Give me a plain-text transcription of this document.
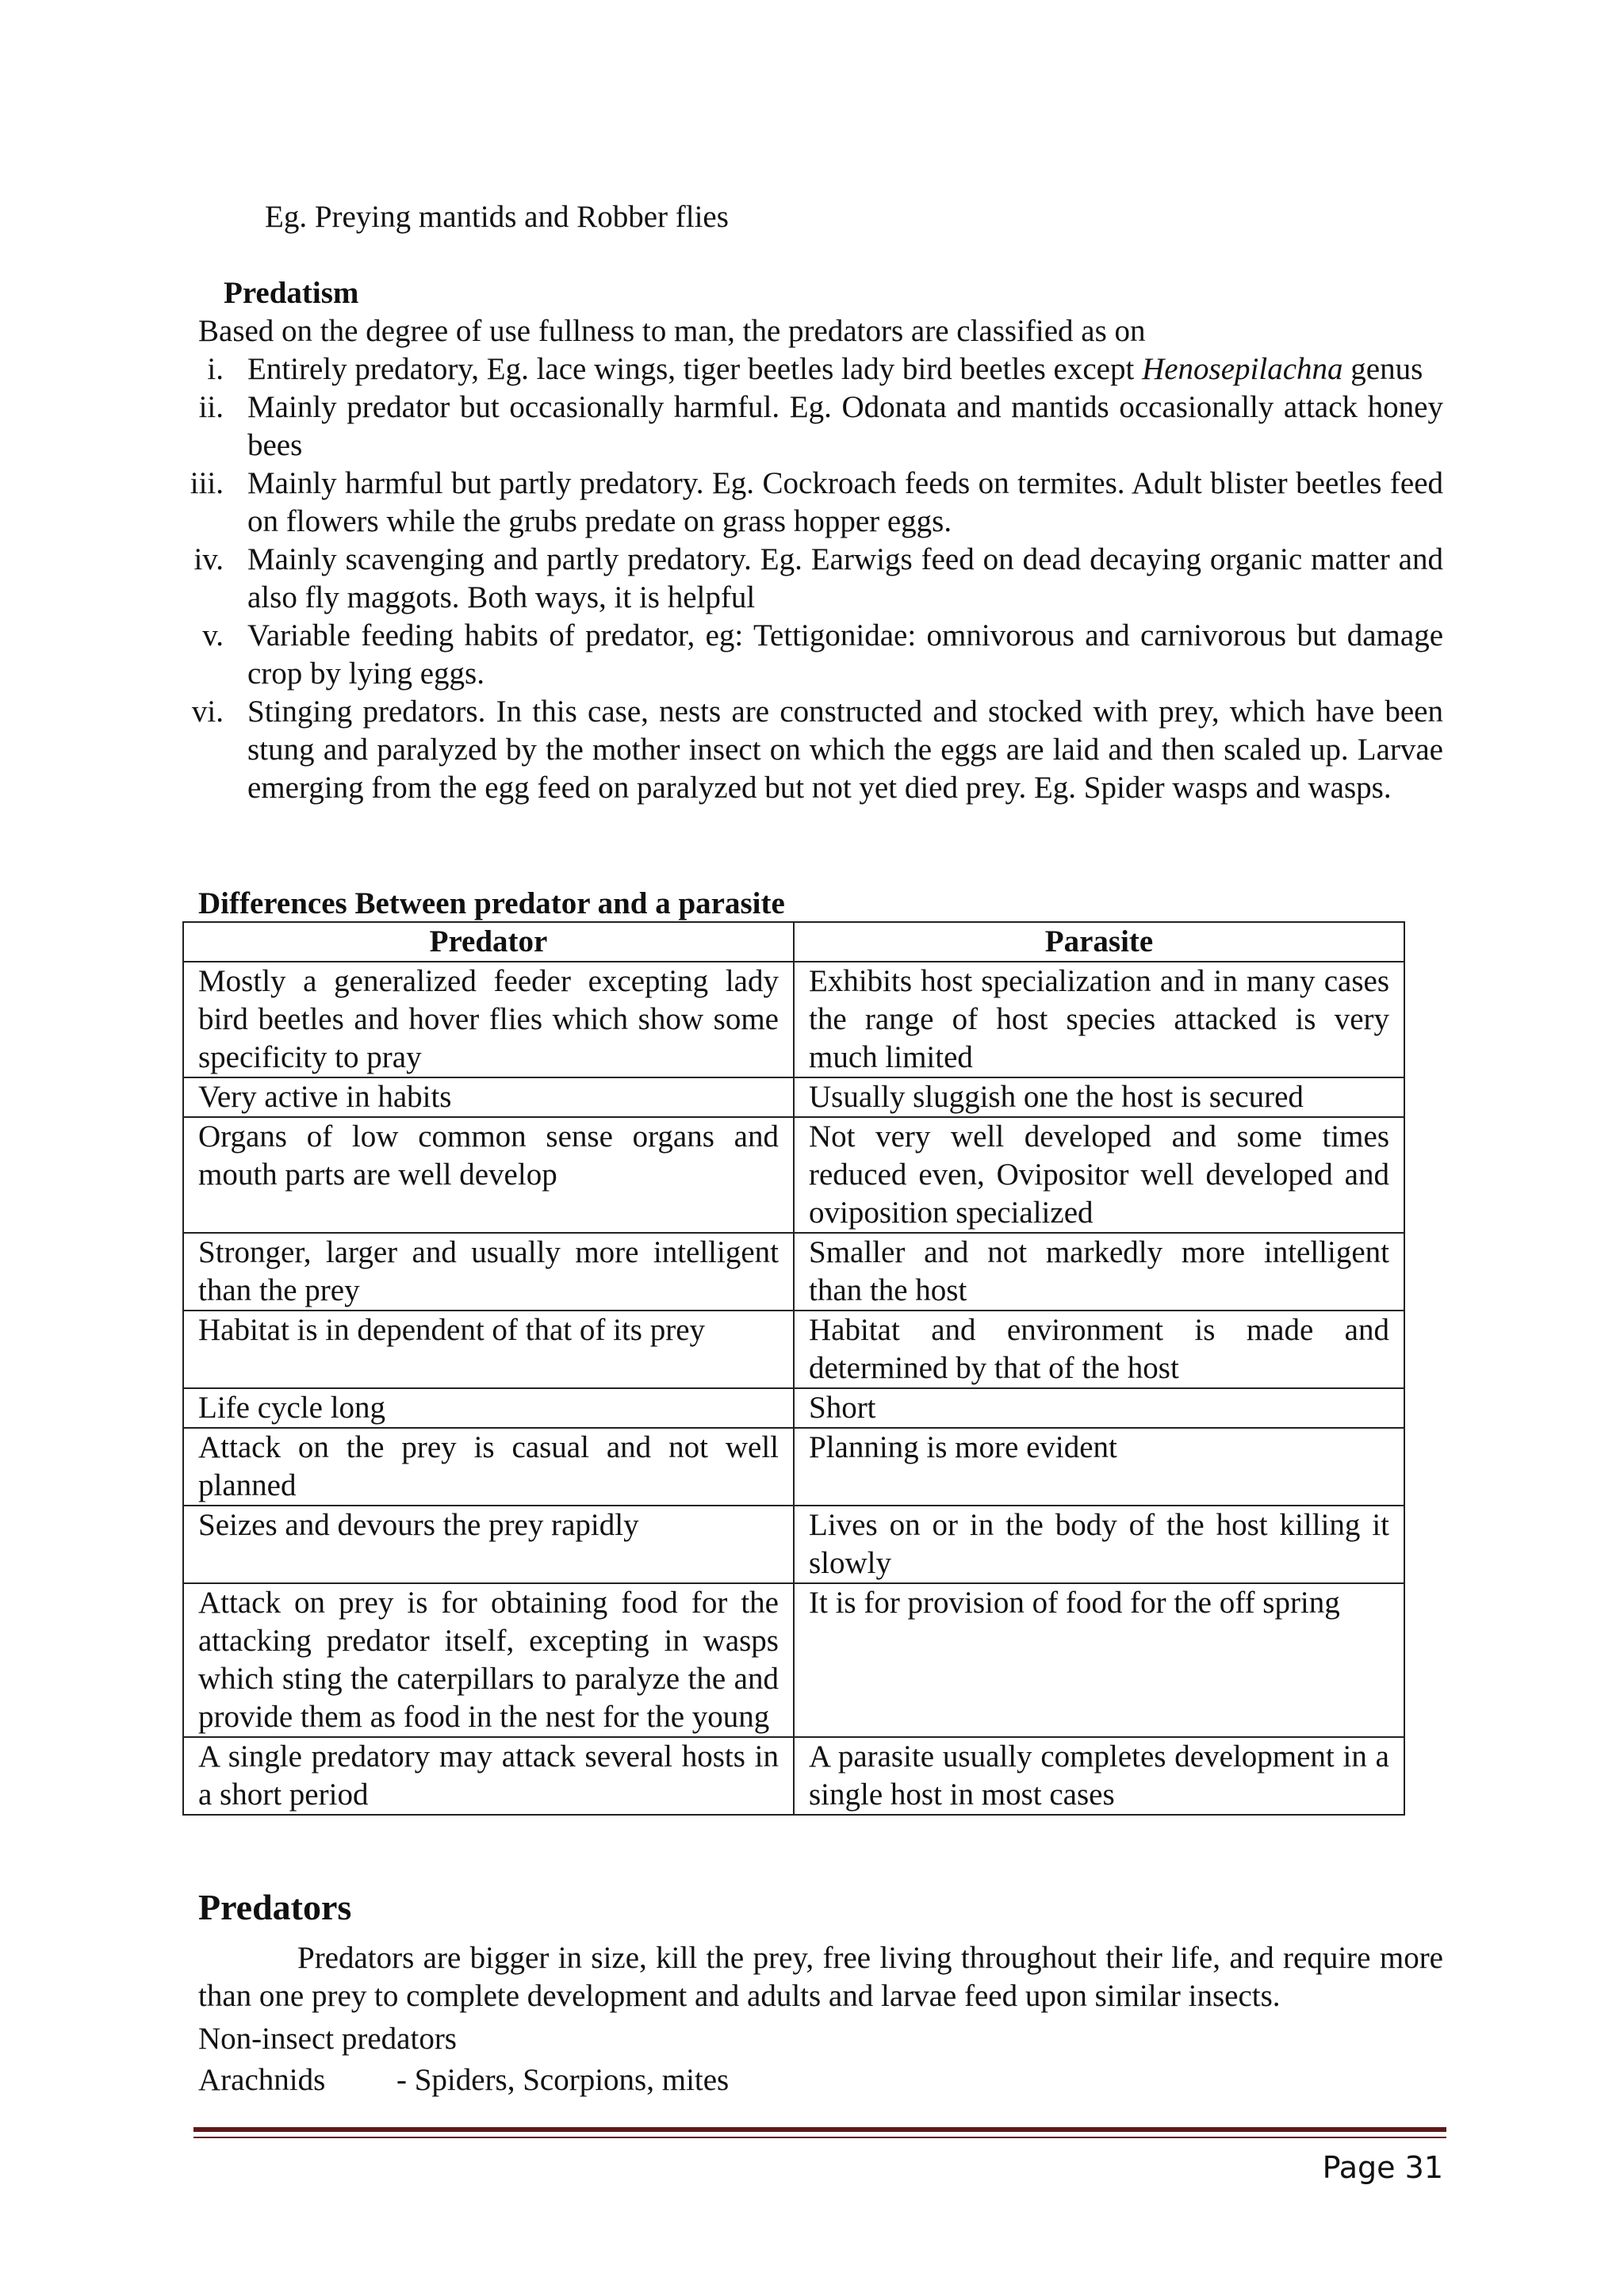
Eg. Preying mantids and Robber flies
Predatism
Based on the degree of use fullness to man, the predators are classified as on
i. Entirely predatory, Eg. lace wings, tiger beetles lady bird beetles except Henosepilachna genus
ii. Mainly predator but occasionally harmful. Eg. Odonata and mantids occasionally attack honey bees
iii. Mainly harmful but partly predatory. Eg. Cockroach feeds on termites. Adult blister beetles feed on flowers while the grubs predate on grass hopper eggs.
iv. Mainly scavenging and partly predatory. Eg. Earwigs feed on dead decaying organic matter and also fly maggots. Both ways, it is helpful
v. Variable feeding habits of predator, eg: Tettigonidae: omnivorous and carnivorous but damage crop by lying eggs.
vi. Stinging predators. In this case, nests are constructed and stocked with prey, which have been stung and paralyzed by the mother insect on which the eggs are laid and then scaled up. Larvae emerging from the egg feed on paralyzed but not yet died prey. Eg. Spider wasps and wasps.
Differences Between predator and a parasite
Predator	Parasite
Mostly a generalized feeder excepting lady bird beetles and hover flies which show some specificity to pray	Exhibits host specialization and in many cases the range of host species attacked is very much limited
Very active in habits	Usually sluggish one the host is secured
Organs of low common sense organs and mouth parts are well develop	Not very well developed and some times reduced even, Ovipositor well developed and oviposition specialized
Stronger, larger and usually more intelligent than the prey	Smaller and not markedly more intelligent than the host
Habitat is in dependent of that of its prey	Habitat and environment is made and determined by that of the host
Life cycle long	Short
Attack on the prey is casual and not well planned	Planning is more evident
Seizes and devours the prey rapidly	Lives on or in the body of the host killing it slowly
Attack on prey is for obtaining food for the attacking predator itself, excepting in wasps which sting the caterpillars to paralyze the and provide them as food in the nest for the young	It is for provision of food for the off spring
A single predatory may attack several hosts in a short period	A parasite usually completes development in a single host in most cases
Predators
Predators are bigger in size, kill the prey, free living throughout their life, and require more than one prey to complete development and adults and larvae feed upon similar insects.
Non-insect predators
Arachnids	- Spiders, Scorpions, mites
Page 31
